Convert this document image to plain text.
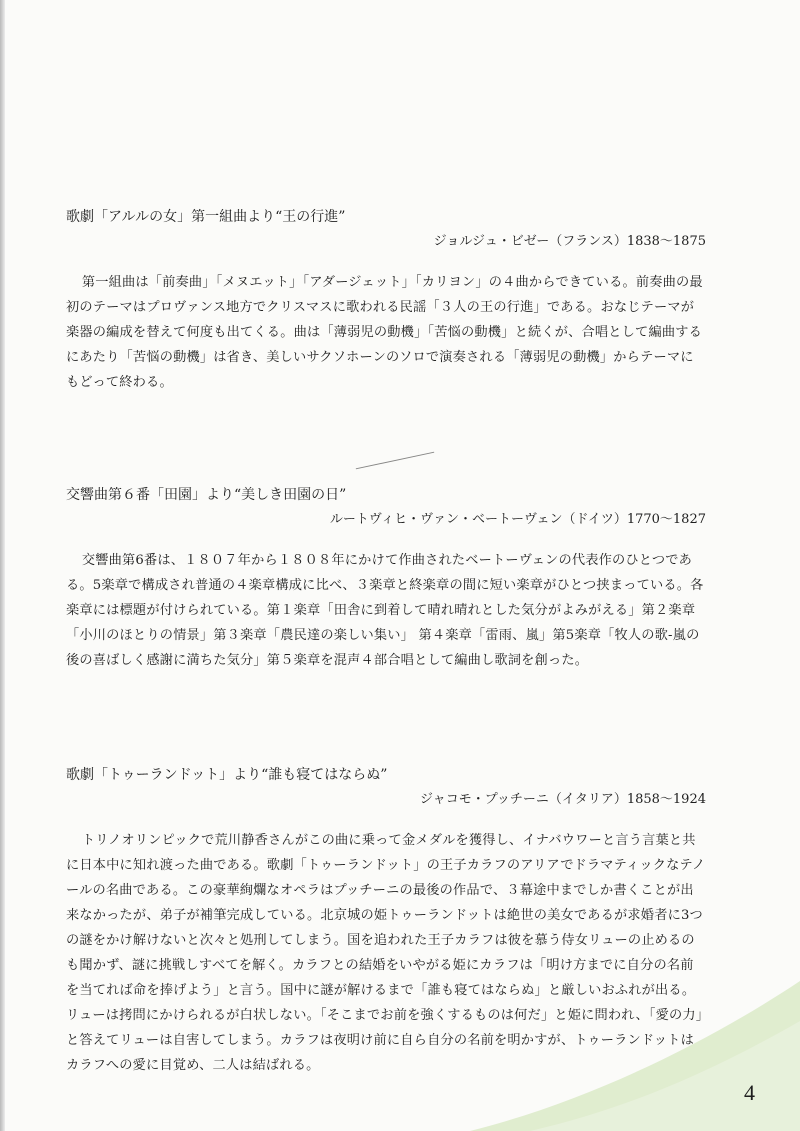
歌劇「アルルの女」第一組曲より“王の行進”
ジョルジュ・ビゼー（フランス）1838～1875

第一組曲は「前奏曲」「メヌエット」「アダージェット」「カリヨン」の４曲からできている。前奏曲の最初のテーマはプロヴァンス地方でクリスマスに歌われる民謡「３人の王の行進」である。おなじテーマが楽器の編成を替えて何度も出てくる。曲は「薄弱児の動機」「苦悩の動機」と続くが、合唱として編曲するにあたり「苦悩の動機」は省き、美しいサクソホーンのソロで演奏される「薄弱児の動機」からテーマにもどって終わる。

交響曲第６番「田園」より“美しき田園の日”
ルートヴィヒ・ヴァン・ベートーヴェン（ドイツ）1770～1827

交響曲第6番は、１８０７年から１８０８年にかけて作曲されたベートーヴェンの代表作のひとつである。5楽章で構成され普通の４楽章構成に比べ、３楽章と終楽章の間に短い楽章がひとつ挟まっている。各楽章には標題が付けられている。第１楽章「田舎に到着して晴れ晴れとした気分がよみがえる」第２楽章「小川のほとりの情景」第３楽章「農民達の楽しい集い」 第４楽章「雷雨、嵐」第5楽章「牧人の歌-嵐の後の喜ばしく感謝に満ちた気分」第５楽章を混声４部合唱として編曲し歌詞を創った。

歌劇「トゥーランドット」より“誰も寝てはならぬ”
ジャコモ・プッチーニ（イタリア）1858～1924

トリノオリンピックで荒川静香さんがこの曲に乗って金メダルを獲得し、イナバウワーと言う言葉と共に日本中に知れ渡った曲である。歌劇「トゥーランドット」の王子カラフのアリアでドラマティックなテノールの名曲である。この豪華絢爛なオペラはプッチーニの最後の作品で、３幕途中までしか書くことが出来なかったが、弟子が補筆完成している。北京城の姫トゥーランドットは絶世の美女であるが求婚者に3つの謎をかけ解けないと次々と処刑してしまう。国を追われた王子カラフは彼を慕う侍女リューの止めるのも聞かず、謎に挑戦しすべてを解く。カラフとの結婚をいやがる姫にカラフは「明け方までに自分の名前を当てれば命を捧げよう」と言う。国中に謎が解けるまで「誰も寝てはならぬ」と厳しいおふれが出る。リューは拷問にかけられるが白状しない。「そこまでお前を強くするものは何だ」と姫に問われ、「愛の力」と答えてリューは自害してしまう。カラフは夜明け前に自ら自分の名前を明かすが、トゥーランドットはカラフへの愛に目覚め、二人は結ばれる。

4
